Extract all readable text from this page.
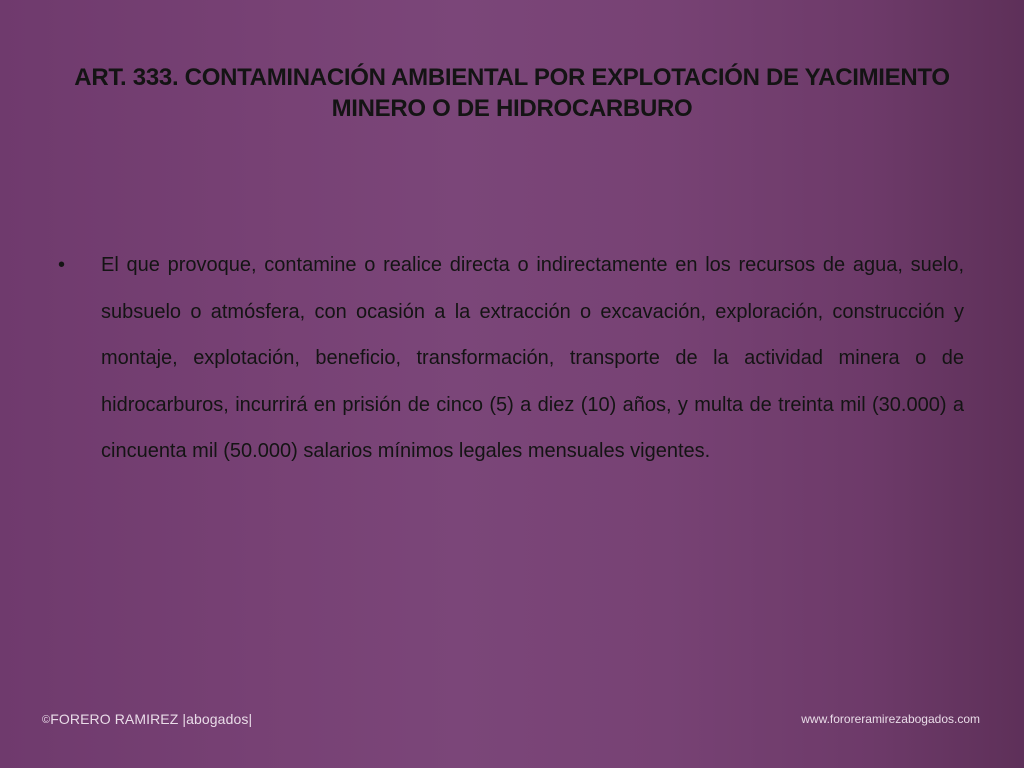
ART. 333. CONTAMINACIÓN AMBIENTAL POR EXPLOTACIÓN DE YACIMIENTO MINERO O DE HIDROCARBURO
• El que provoque, contamine o realice directa o indirectamente en los recursos de agua, suelo, subsuelo o atmósfera, con ocasión a la extracción o excavación, exploración, construcción y montaje, explotación, beneficio, transformación, transporte de la actividad minera o de hidrocarburos, incurrirá en prisión de cinco (5) a diez (10) años, y multa de treinta mil (30.000) a cincuenta mil (50.000) salarios mínimos legales mensuales vigentes.
©FORERO RAMIREZ |abogados|	www.fororeramirezabogados.com
